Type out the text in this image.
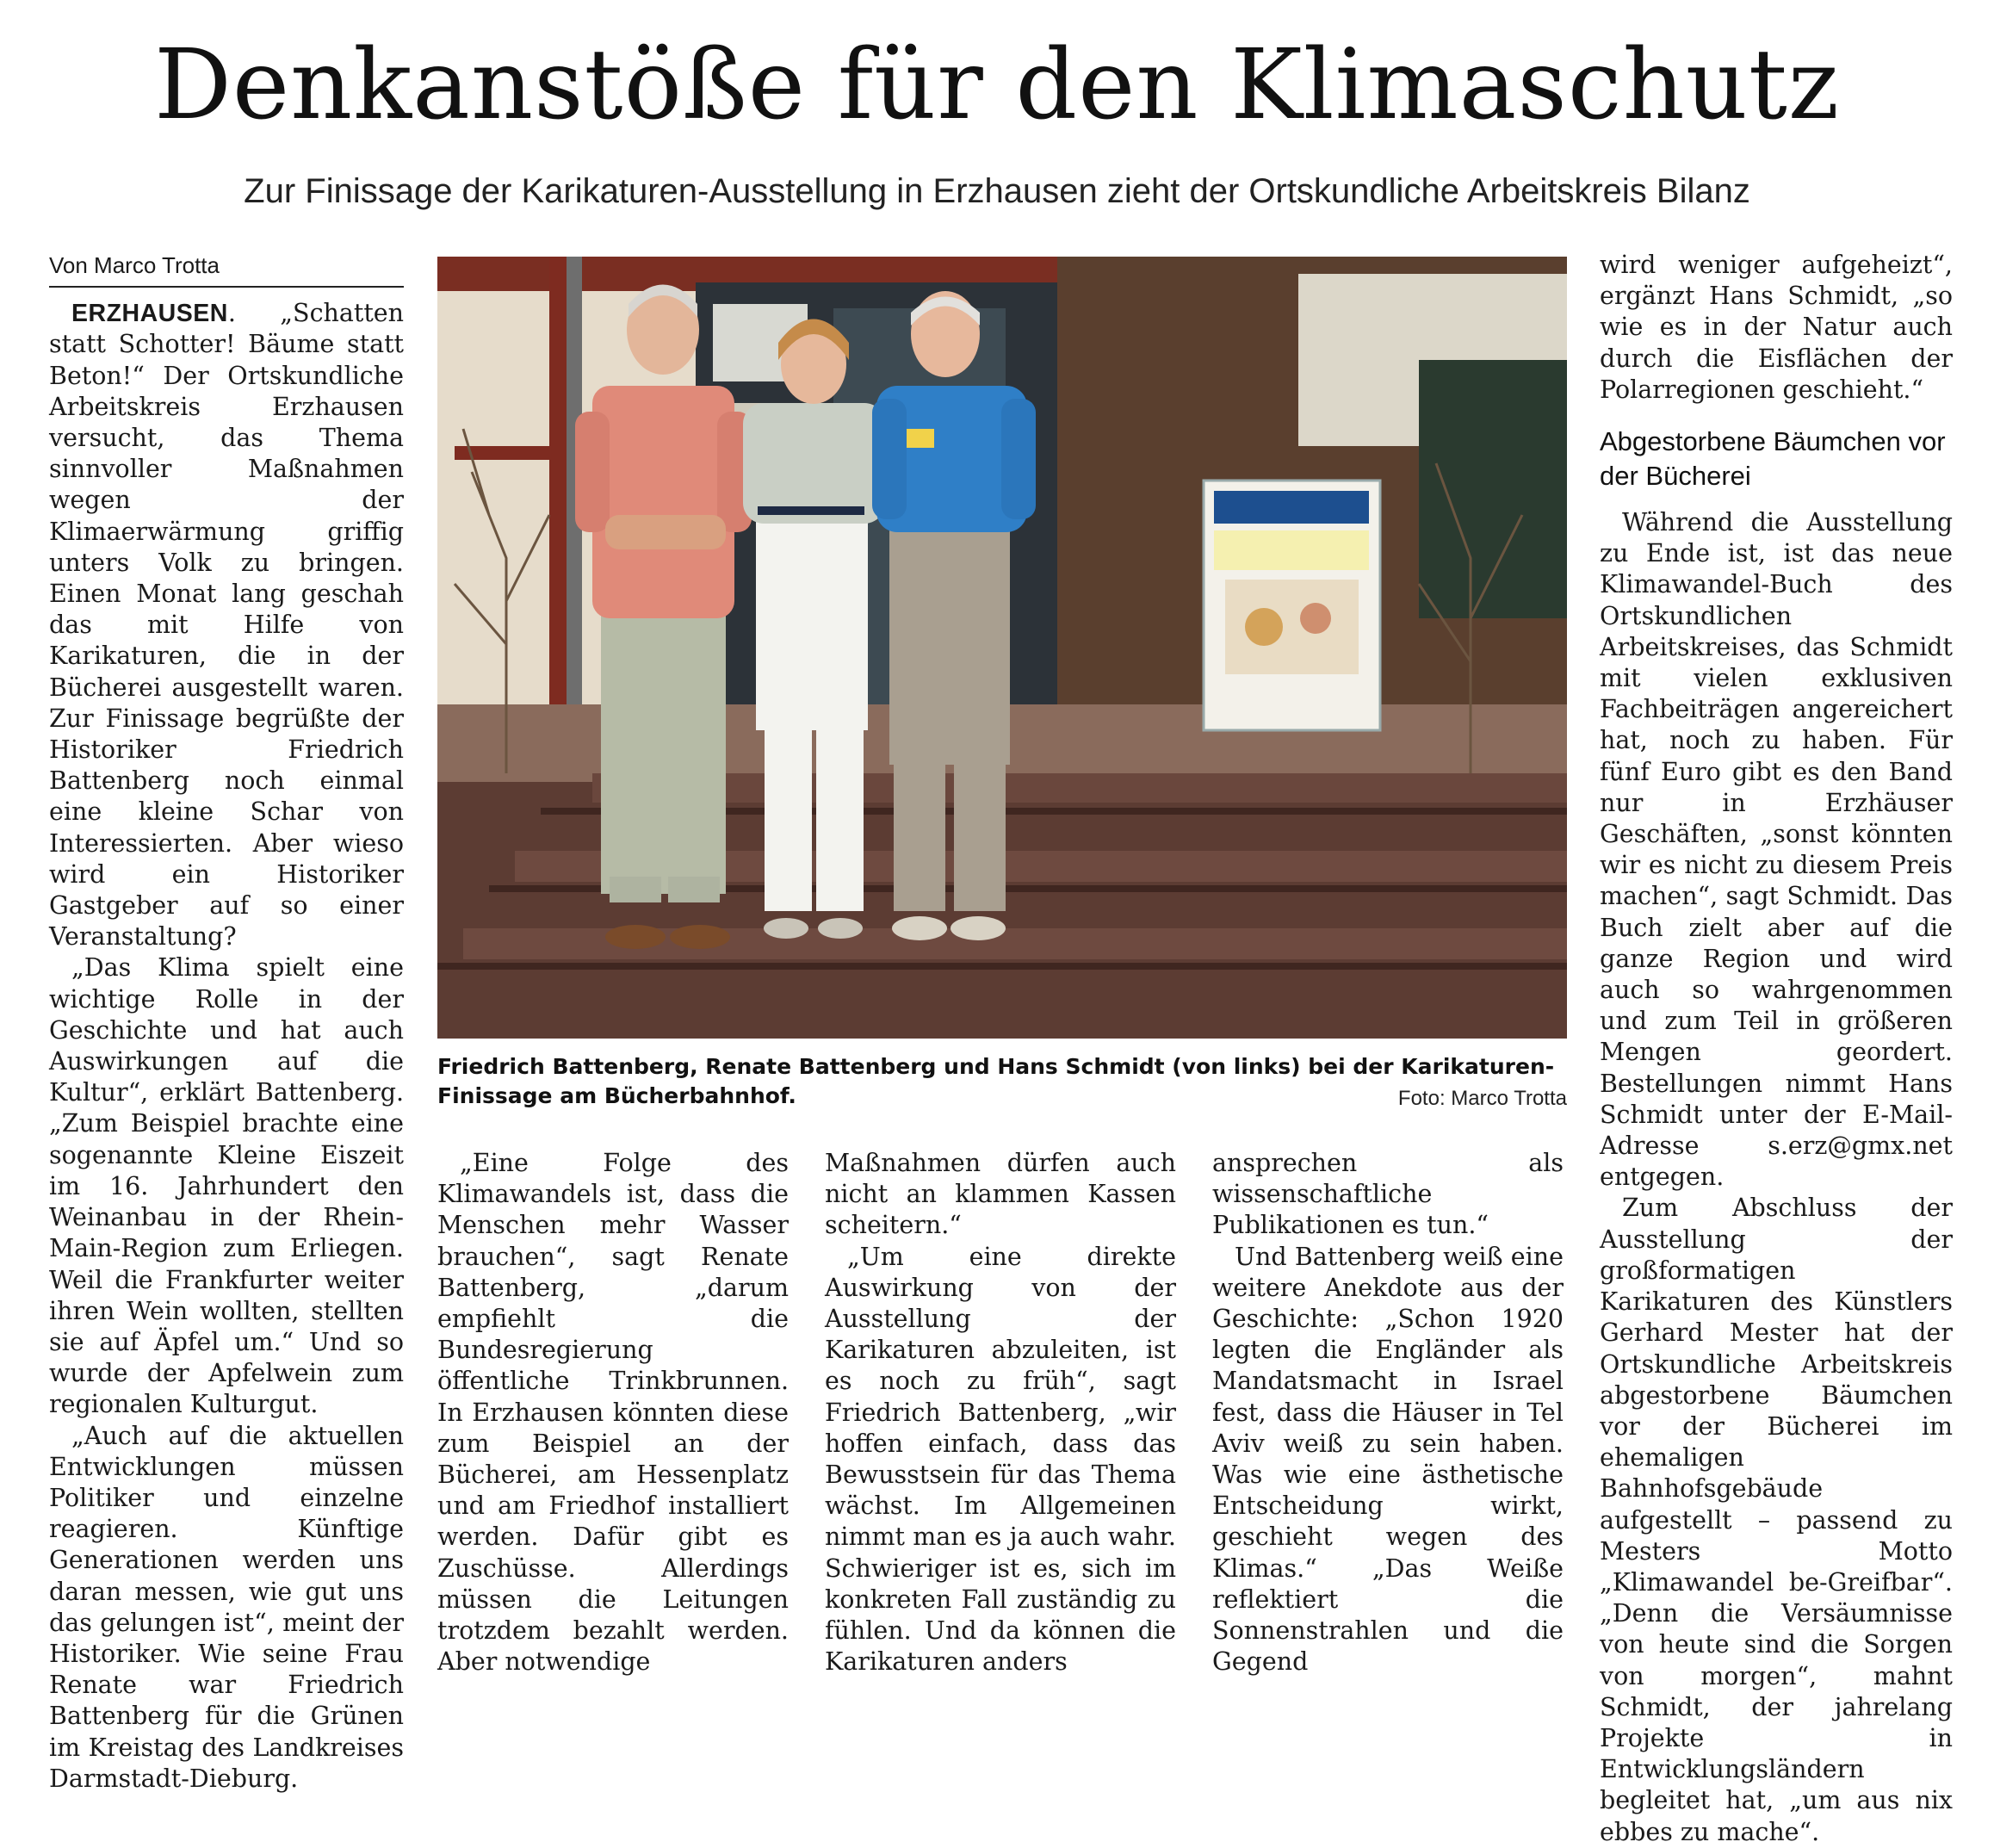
Denkanstöße für den Klimaschutz

Zur Finissage der Karikaturen-Ausstellung in Erzhausen zieht der Ortskundliche Arbeitskreis Bilanz

Von Marco Trotta

ERZHAUSEN. „Schatten statt Schotter! Bäume statt Beton!“ Der Ortskundliche Arbeitskreis Erzhausen versucht, das Thema sinnvoller Maßnahmen wegen der Klimaerwärmung griffig unters Volk zu bringen. Einen Monat lang geschah das mit Hilfe von Karikaturen, die in der Bücherei ausgestellt waren. Zur Finissage begrüßte der Historiker Friedrich Battenberg noch einmal eine kleine Schar von Interessierten. Aber wieso wird ein Historiker Gastgeber auf so einer Veranstaltung?

„Das Klima spielt eine wichtige Rolle in der Geschichte und hat auch Auswirkungen auf die Kultur“, erklärt Battenberg. „Zum Beispiel brachte eine sogenannte Kleine Eiszeit im 16. Jahrhundert den Weinanbau in der Rhein-Main-Region zum Erliegen. Weil die Frankfurter weiter ihren Wein wollten, stellten sie auf Äpfel um.“ Und so wurde der Apfelwein zum regionalen Kulturgut.

„Auch auf die aktuellen Entwicklungen müssen Politiker und einzelne reagieren. Künftige Generationen werden uns daran messen, wie gut uns das gelungen ist“, meint der Historiker. Wie seine Frau Renate war Friedrich Battenberg für die Grünen im Kreistag des Landkreises Darmstadt-Dieburg.

Friedrich Battenberg, Renate Battenberg und Hans Schmidt (von links) bei der Karikaturen-Finissage am Bücherbahnhof.	Foto: Marco Trotta

„Eine Folge des Klimawandels ist, dass die Menschen mehr Wasser brauchen“, sagt Renate Battenberg, „darum empfiehlt die Bundesregierung öffentliche Trinkbrunnen. In Erzhausen könnten diese zum Beispiel an der Bücherei, am Hessenplatz und am Friedhof installiert werden. Dafür gibt es Zuschüsse. Allerdings müssen die Leitungen trotzdem bezahlt werden. Aber notwendige

Maßnahmen dürfen auch nicht an klammen Kassen scheitern.“

„Um eine direkte Auswirkung von der Ausstellung der Karikaturen abzuleiten, ist es noch zu früh“, sagt Friedrich Battenberg, „wir hoffen einfach, dass das Bewusstsein für das Thema wächst. Im Allgemeinen nimmt man es ja auch wahr. Schwieriger ist es, sich im konkreten Fall zuständig zu fühlen. Und da können die Karikaturen anders

ansprechen als wissenschaftliche Publikationen es tun.“

Und Battenberg weiß eine weitere Anekdote aus der Geschichte: „Schon 1920 legten die Engländer als Mandatsmacht in Israel fest, dass die Häuser in Tel Aviv weiß zu sein haben. Was wie eine ästhetische Entscheidung wirkt, geschieht wegen des Klimas.“ „Das Weiße reflektiert die Sonnenstrahlen und die Gegend

wird weniger aufgeheizt“, ergänzt Hans Schmidt, „so wie es in der Natur auch durch die Eisflächen der Polarregionen geschieht.“

Abgestorbene Bäumchen vor der Bücherei

Während die Ausstellung zu Ende ist, ist das neue Klimawandel-Buch des Ortskundlichen Arbeitskreises, das Schmidt mit vielen exklusiven Fachbeiträgen angereichert hat, noch zu haben. Für fünf Euro gibt es den Band nur in Erzhäuser Geschäften, „sonst könnten wir es nicht zu diesem Preis machen“, sagt Schmidt. Das Buch zielt aber auf die ganze Region und wird auch so wahrgenommen und zum Teil in größeren Mengen geordert. Bestellungen nimmt Hans Schmidt unter der E-Mail-Adresse s.erz@gmx.net entgegen.

Zum Abschluss der Ausstellung der großformatigen Karikaturen des Künstlers Gerhard Mester hat der Ortskundliche Arbeitskreis abgestorbene Bäumchen vor der Bücherei im ehemaligen Bahnhofsgebäude aufgestellt – passend zu Mesters Motto „Klimawandel be-Greifbar“. „Denn die Versäumnisse von heute sind die Sorgen von morgen“, mahnt Schmidt, der jahrelang Projekte in Entwicklungsländern begleitet hat, „um aus nix ebbes zu mache“.
